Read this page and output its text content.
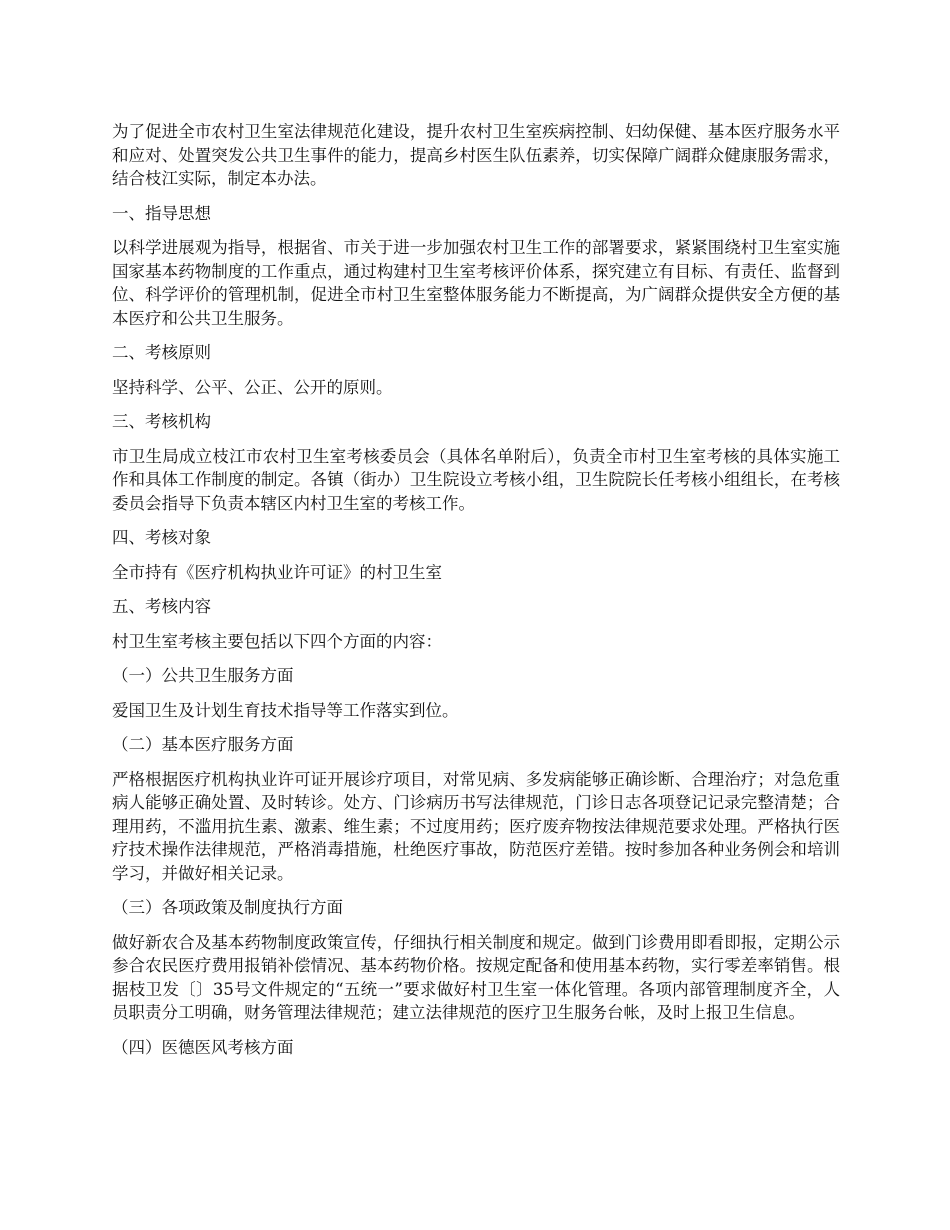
为了促进全市农村卫生室法律规范化建设，提升农村卫生室疾病控制、妇幼保健、基本医疗服务水平和应对、处置突发公共卫生事件的能力，提高乡村医生队伍素养，切实保障广阔群众健康服务需求，结合枝江实际，制定本办法。

一、指导思想

以科学进展观为指导，根据省、市关于进一步加强农村卫生工作的部署要求，紧紧围绕村卫生室实施国家基本药物制度的工作重点，通过构建村卫生室考核评价体系，探究建立有目标、有责任、监督到位、科学评价的管理机制，促进全市村卫生室整体服务能力不断提高，为广阔群众提供安全方便的基本医疗和公共卫生服务。

二、考核原则

坚持科学、公平、公正、公开的原则。

三、考核机构

市卫生局成立枝江市农村卫生室考核委员会（具体名单附后），负责全市村卫生室考核的具体实施工作和具体工作制度的制定。各镇（街办）卫生院设立考核小组，卫生院院长任考核小组组长，在考核委员会指导下负责本辖区内村卫生室的考核工作。

四、考核对象

全市持有《医疗机构执业许可证》的村卫生室

五、考核内容

村卫生室考核主要包括以下四个方面的内容：

（一）公共卫生服务方面

爱国卫生及计划生育技术指导等工作落实到位。

（二）基本医疗服务方面

严格根据医疗机构执业许可证开展诊疗项目，对常见病、多发病能够正确诊断、合理治疗；对急危重病人能够正确处置、及时转诊。处方、门诊病历书写法律规范，门诊日志各项登记记录完整清楚；合理用药，不滥用抗生素、激素、维生素；不过度用药；医疗废弃物按法律规范要求处理。严格执行医疗技术操作法律规范，严格消毒措施，杜绝医疗事故，防范医疗差错。按时参加各种业务例会和培训学习，并做好相关记录。

（三）各项政策及制度执行方面

做好新农合及基本药物制度政策宣传，仔细执行相关制度和规定。做到门诊费用即看即报，定期公示参合农民医疗费用报销补偿情况、基本药物价格。按规定配备和使用基本药物，实行零差率销售。根据枝卫发〔〕35号文件规定的“五统一”要求做好村卫生室一体化管理。各项内部管理制度齐全，人员职责分工明确，财务管理法律规范；建立法律规范的医疗卫生服务台帐，及时上报卫生信息。

（四）医德医风考核方面
